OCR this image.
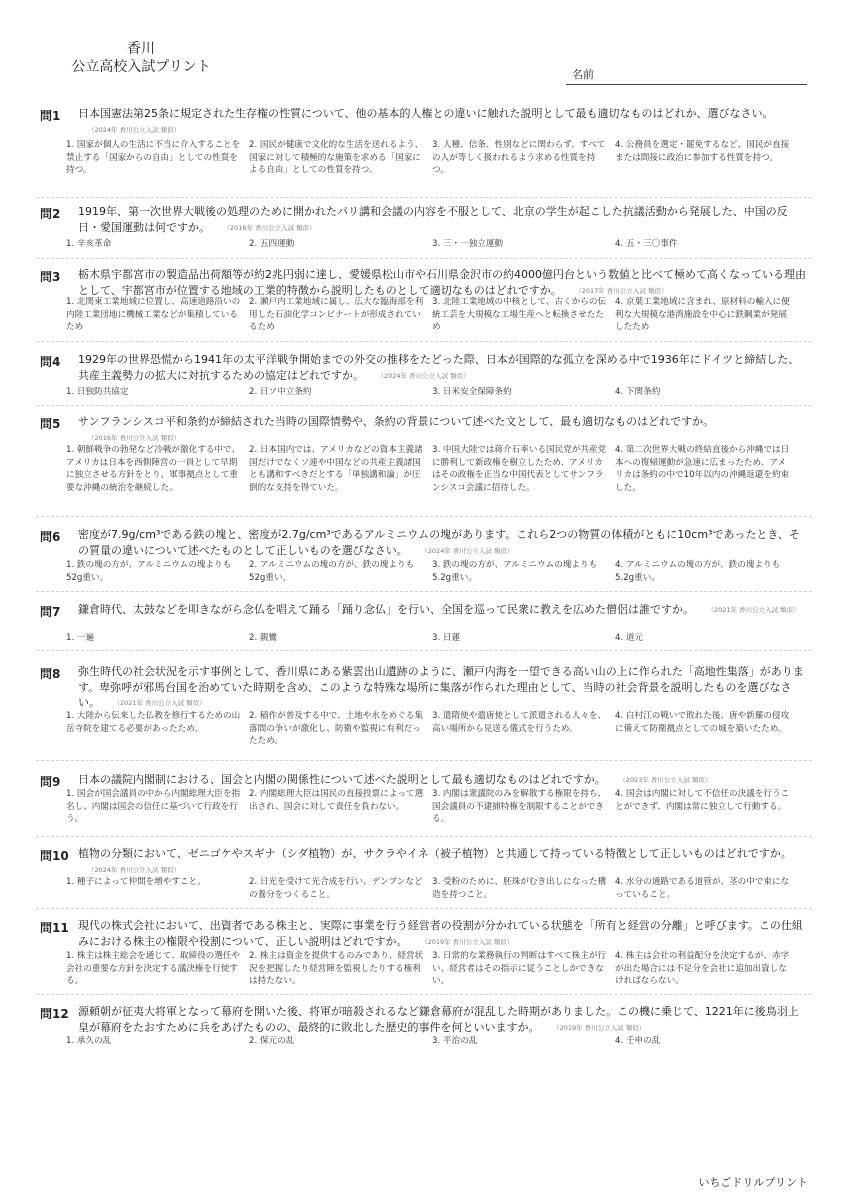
香川
公立高校入試プリント	名前
問1 日本国憲法第25条に規定された生存権の性質について、他の基本的人権との違いに触れた説明として最も適切なものはどれか、選びなさい。
（2024年 香川公立入試 類似）
1. 国家が個人の生活に不当に介入することを禁止する「国家からの自由」としての性質を持つ。
2. 国民が健康で文化的な生活を送れるよう、国家に対して積極的な施策を求める「国家による自由」としての性質を持つ。
3. 人種、信条、性別などに関わらず、すべての人が等しく扱われるよう求める性質を持つ。
4. 公務員を選定・罷免するなど、国民が直接または間接に政治に参加する性質を持つ。
問2 1919年、第一次世界大戦後の処理のために開かれたパリ講和会議の内容を不服として、北京の学生が起こした抗議活動から発展した、中国の反日・愛国運動は何ですか。 （2016年 香川公立入試 類似）
1. 辛亥革命	2. 五四運動	3. 三・一独立運動	4. 五・三〇事件
問3 栃木県宇都宮市の製造品出荷額等が約2兆円弱に達し、愛媛県松山市や石川県金沢市の約4000億円台という数値と比べて極めて高くなっている理由として、宇都宮市が位置する地域の工業的特徴から説明したものとして適切なものはどれですか。 （2017年 香川公立入試 類似）
1. 北関東工業地域に位置し、高速道路沿いの内陸工業団地に機械工業などが集積しているため
2. 瀬戸内工業地域に属し、広大な臨海部を利用した石油化学コンビナートが形成されているため
3. 北陸工業地域の中核として、古くからの伝統工芸を大規模な工場生産へと転換させたため
4. 京葉工業地域に含まれ、原材料の輸入に便利な大規模な港湾施設を中心に鉄鋼業が発展したため
問4 1929年の世界恐慌から1941年の太平洋戦争開始までの外交の推移をたどった際、日本が国際的な孤立を深める中で1936年にドイツと締結した、共産主義勢力の拡大に対抗するための協定はどれですか。 （2024年 香川公立入試 類似）
1. 日独防共協定	2. 日ソ中立条約	3. 日米安全保障条約	4. 下関条約
問5 サンフランシスコ平和条約が締結された当時の国際情勢や、条約の背景について述べた文として、最も適切なものはどれですか。 （2016年 香川公立入試 類似）
1. 朝鮮戦争の勃発など冷戦が激化する中で、アメリカは日本を西側陣営の一員として早期に独立させる方針をとり、軍事拠点として重要な沖縄の統治を継続した。
2. 日本国内では、アメリカなどの資本主義諸国だけでなくソ連や中国などの共産主義諸国とも講和すべきだとする「単独講和論」が圧倒的な支持を得ていた。
3. 中国大陸では蒋介石率いる国民党が共産党に勝利して新政権を樹立したため、アメリカはその政権を正当な中国代表としてサンフランシスコ会議に招待した。
4. 第二次世界大戦の終結直後から沖縄では日本への復帰運動が急速に広まったため、アメリカは条約の中で10年以内の沖縄返還を約束した。
問6 密度が7.9g/cm³である鉄の塊と、密度が2.7g/cm³であるアルミニウムの塊があります。これら2つの物質の体積がともに10cm³であったとき、その質量の違いについて述べたものとして正しいものを選びなさい。 （2024年 香川公立入試 類似）
1. 鉄の塊の方が、アルミニウムの塊よりも52g重い。
2. アルミニウムの塊の方が、鉄の塊よりも52g重い。
3. 鉄の塊の方が、アルミニウムの塊よりも5.2g重い。
4. アルミニウムの塊の方が、鉄の塊よりも5.2g重い。
問7 鎌倉時代、太鼓などを叩きながら念仏を唱えて踊る「踊り念仏」を行い、全国を巡って民衆に教えを広めた僧侶は誰ですか。 （2021年 香川公立入試 類似）
1. 一遍	2. 親鸞	3. 日蓮	4. 道元
問8 弥生時代の社会状況を示す事例として、香川県にある紫雲出山遺跡のように、瀬戸内海を一望できる高い山の上に作られた「高地性集落」があります。卑弥呼が邪馬台国を治めていた時期を含め、このような特殊な場所に集落が作られた理由として、当時の社会背景を説明したものを選びなさい。 （2021年 香川公立入試 類似）
1. 大陸から伝来した仏教を修行するための山岳寺院を建てる必要があったため。
2. 稲作が普及する中で、土地や水をめぐる集落間の争いが激化し、防衛や監視に有利だったため。
3. 遣隋使や遣唐使として派遣される人々を、高い場所から見送る儀式を行うため。
4. 白村江の戦いで敗れた後、唐や新羅の侵攻に備えて防衛拠点としての城を築いたため。
問9 日本の議院内閣制における、国会と内閣の関係性について述べた説明として最も適切なものはどれですか。 （2023年 香川公立入試 類似）
1. 国会が国会議員の中から内閣総理大臣を指名し、内閣は国会の信任に基づいて行政を行う。
2. 内閣総理大臣は国民の直接投票によって選出され、国会に対して責任を負わない。
3. 内閣は衆議院のみを解散する権限を持ち、国会議員の不逮捕特権を制限することができる。
4. 国会は内閣に対して不信任の決議を行うことができず、内閣は常に独立して行動する。
問10 植物の分類において、ゼニゴケやスギナ（シダ植物）が、サクラやイネ（被子植物）と共通して持っている特徴として正しいものはどれですか。 （2024年 香川公立入試 類似）
1. 種子によって仲間を増やすこと。	2. 日光を受けて光合成を行い、デンプンなどの養分をつくること。
3. 受粉のために、胚珠がむき出しになった構造を持つこと。
4. 水分の通路である道管が、茎の中で束になっていること。
問11 現代の株式会社において、出資者である株主と、実際に事業を行う経営者の役割が分かれている状態を「所有と経営の分離」と呼びます。この仕組みにおける株主の権限や役割について、正しい説明はどれですか。 （2019年 香川公立入試 類似）
1. 株主は株主総会を通じて、取締役の選任や会社の重要な方針を決定する議決権を行使する。
2. 株主は資金を提供するのみであり、経営状況を把握したり経営陣を監視したりする権利は持たない。
3. 日常的な業務執行の判断はすべて株主が行い、経営者はその指示に従うことしかできない。
4. 株主は会社の利益配分を決定するが、赤字が出た場合には不足分を会社に追加出資しなければならない。
問12 源頼朝が征夷大将軍となって幕府を開いた後、将軍が暗殺されるなど鎌倉幕府が混乱した時期がありました。この機に乗じて、1221年に後鳥羽上皇が幕府をたおすために兵をあげたものの、最終的に敗北した歴史的事件を何といいますか。 （2019年 香川公立入試 類似）
1. 承久の乱	2. 保元の乱	3. 平治の乱	4. 壬申の乱
いちごドリルプリント
